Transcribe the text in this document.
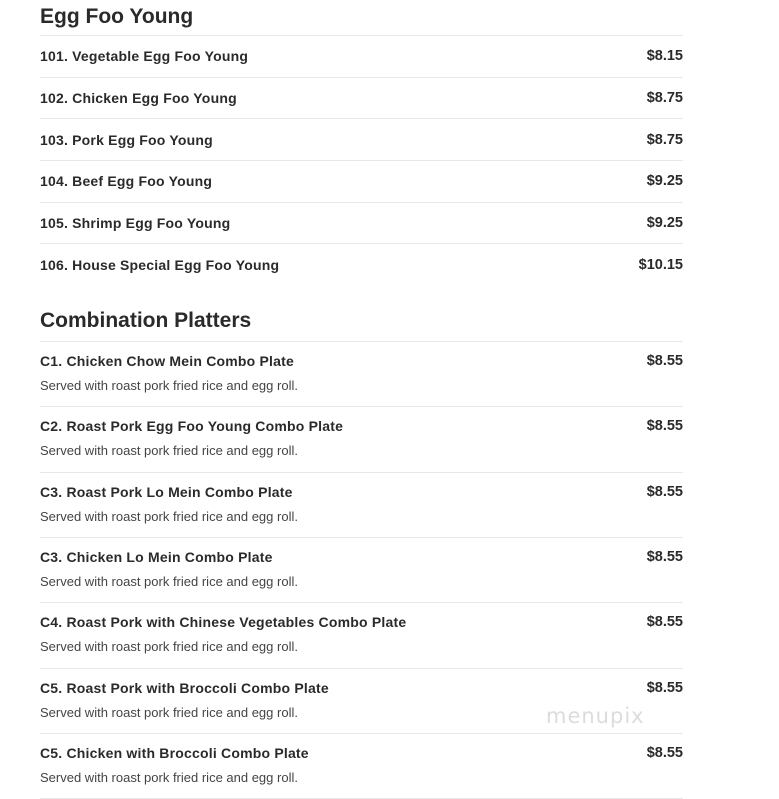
Egg Foo Young
101. Vegetable Egg Foo Young	$8.15
102. Chicken Egg Foo Young	$8.75
103. Pork Egg Foo Young	$8.75
104. Beef Egg Foo Young	$9.25
105. Shrimp Egg Foo Young	$9.25
106. House Special Egg Foo Young	$10.15
Combination Platters
C1. Chicken Chow Mein Combo Plate
Served with roast pork fried rice and egg roll.
$8.55
C2. Roast Pork Egg Foo Young Combo Plate
Served with roast pork fried rice and egg roll.
$8.55
C3. Roast Pork Lo Mein Combo Plate
Served with roast pork fried rice and egg roll.
$8.55
C3. Chicken Lo Mein Combo Plate
Served with roast pork fried rice and egg roll.
$8.55
C4. Roast Pork with Chinese Vegetables Combo Plate
Served with roast pork fried rice and egg roll.
$8.55
C5. Roast Pork with Broccoli Combo Plate
Served with roast pork fried rice and egg roll.
$8.55
C5. Chicken with Broccoli Combo Plate
Served with roast pork fried rice and egg roll.
$8.55
menupix
